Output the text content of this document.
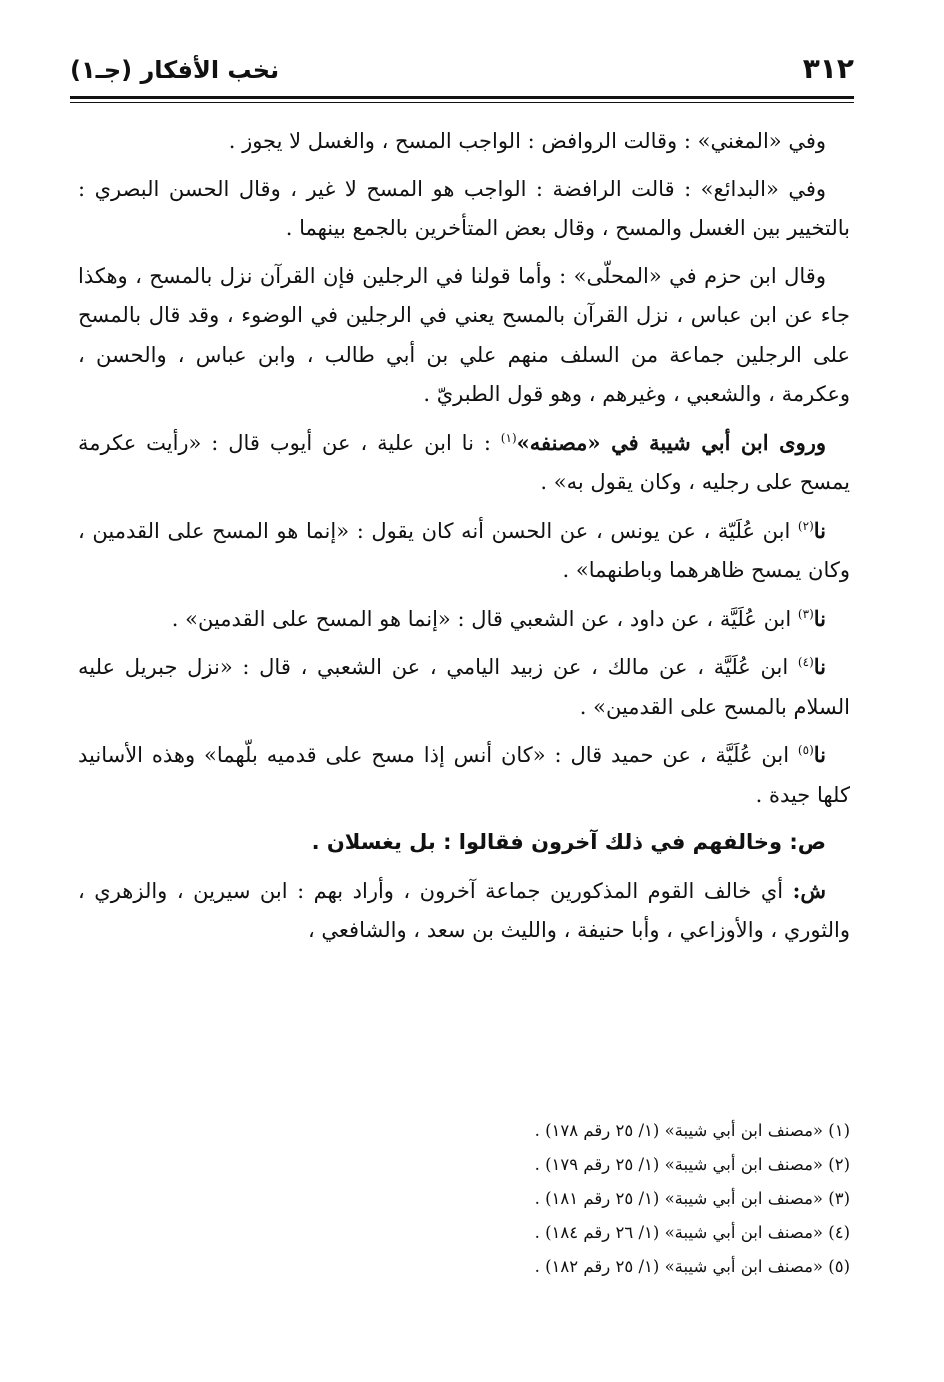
٣١٢
نخب الأفكار (جـ١)

وفي «المغني» : وقالت الروافض : الواجب المسح ، والغسل لا يجوز .

وفي «البدائع» : قالت الرافضة : الواجب هو المسح لا غير ، وقال الحسن البصري : بالتخيير بين الغسل والمسح ، وقال بعض المتأخرين بالجمع بينهما .

وقال ابن حزم في «المحلّى» : وأما قولنا في الرجلين فإن القرآن نزل بالمسح ، وهكذا جاء عن ابن عباس ، نزل القرآن بالمسح يعني في الرجلين في الوضوء ، وقد قال بالمسح على الرجلين جماعة من السلف منهم علي بن أبي طالب ، وابن عباس ، والحسن ، وعكرمة ، والشعبي ، وغيرهم ، وهو قول الطبريّ .

وروى ابن أبي شيبة في «مصنفه»$^{(١)}$ : نا ابن علية ، عن أيوب قال : «رأيت عكرمة يمسح على رجليه ، وكان يقول به» .

نا$^{(٢)}$ ابن عُلَيّة ، عن يونس ، عن الحسن أنه كان يقول : «إنما هو المسح على القدمين ، وكان يمسح ظاهرهما وباطنهما» .

نا$^{(٣)}$ ابن عُلَيَّة ، عن داود ، عن الشعبي قال : «إنما هو المسح على القدمين» .

نا$^{(٤)}$ ابن عُلَيَّة ، عن مالك ، عن زبيد اليامي ، عن الشعبي ، قال : «نزل جبريل عليه السلام بالمسح على القدمين» .

نا$^{(٥)}$ ابن عُلَيَّة ، عن حميد قال : «كان أنس إذا مسح على قدميه بلّهما» وهذه الأسانيد كلها جيدة .

ص: وخالفهم في ذلك آخرون فقالوا : بل يغسلان .

ش: أي خالف القوم المذكورين جماعة آخرون ، وأراد بهم : ابن سيرين ، والزهري ، والثوري ، والأوزاعي ، وأبا حنيفة ، والليث بن سعد ، والشافعي ،

(١) «مصنف ابن أبي شيبة» (١/ ٢٥ رقم ١٧٨) .
(٢) «مصنف ابن أبي شيبة» (١/ ٢٥ رقم ١٧٩) .
(٣) «مصنف ابن أبي شيبة» (١/ ٢٥ رقم ١٨١) .
(٤) «مصنف ابن أبي شيبة» (١/ ٢٦ رقم ١٨٤) .
(٥) «مصنف ابن أبي شيبة» (١/ ٢٥ رقم ١٨٢) .
